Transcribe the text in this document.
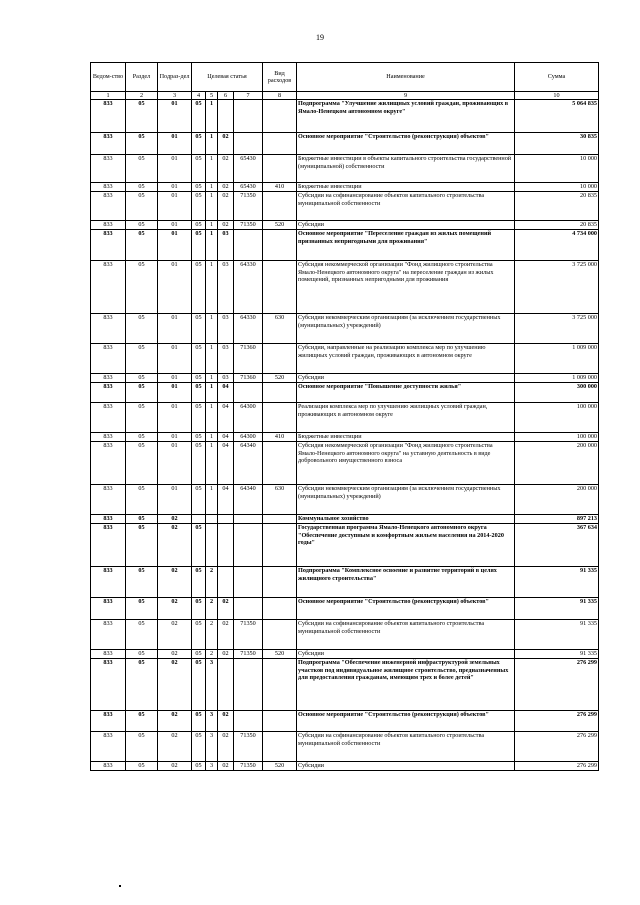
19
Ведом-ство	Раздел	Подраз-дел	Целевая статья				Вид расходов	Наименование	Сумма
1	2	3	4	5	6	7	8	9	10
833	05	01	05	1				Подпрограмма "Улучшение жилищных условий граждан, проживающих в Ямало-Ненецком автономном округе"	5 064 835
833	05	01	05	1	02			Основное мероприятие "Строительство (реконструкция) объектов"	30 835
833	05	01	05	1	02	65430		Бюджетные инвестиции в объекты капитального строительства государственной (муниципальной) собственности	10 000
833	05	01	05	1	02	65430	410	Бюджетные инвестиции	10 000
833	05	01	05	1	02	71350		Субсидии на софинансирование объектов капитального строительства муниципальной собственности	20 835
833	05	01	05	1	02	71350	520	Субсидии	20 835
833	05	01	05	1	03			Основное мероприятие "Переселение граждан из жилых помещений признанных непригодными для проживания"	4 734 000
833	05	01	05	1	03	64330		Субсидия некоммерческой организации "Фонд жилищного строительства Ямало-Ненецкого автономного округа" на переселение граждан из жилых помещений, признанных непригодными для проживания	3 725 000
833	05	01	05	1	03	64330	630	Субсидии некоммерческим организациям (за исключением государственных (муниципальных) учреждений)	3 725 000
833	05	01	05	1	03	71360		Субсидии, направленные на реализацию комплекса мер по улучшению жилищных условий граждан, проживающих в автономном округе	1 009 000
833	05	01	05	1	03	71360	520	Субсидии	1 009 000
833	05	01	05	1	04			Основное мероприятие "Повышение доступности жилья"	300 000
833	05	01	05	1	04	64300		Реализация комплекса мер по улучшению жилищных условий граждан, проживающих в автономном округе	100 000
833	05	01	05	1	04	64300	410	Бюджетные инвестиции	100 000
833	05	01	05	1	04	64340		Субсидия некоммерческой организации "Фонд жилищного строительства Ямало-Ненецкого автономного округа" на уставную деятельность в виде добровольного имущественного взноса	200 000
833	05	01	05	1	04	64340	630	Субсидии некоммерческим организациям (за исключением государственных (муниципальных) учреждений)	200 000
833	05	02						Коммунальное хозяйство	897 213
833	05	02	05					Государственная программа Ямало-Ненецкого автономного округа "Обеспечение доступным и комфортным жильем населения на 2014-2020 годы"	367 634
833	05	02	05	2				Подпрограмма "Комплексное освоение и развитие территорий в целях жилищного строительства"	91 335
833	05	02	05	2	02			Основное мероприятие "Строительство (реконструкция) объектов"	91 335
833	05	02	05	2	02	71350		Субсидии на софинансирование объектов капитального строительства муниципальной собственности	91 335
833	05	02	05	2	02	71350	520	Субсидии	91 335
833	05	02	05	3				Подпрограмма "Обеспечение инженерной инфраструктурой земельных участков под индивидуальное жилищное строительство, предназначенных для предоставления гражданам, имеющим трех и более детей"	276 299
833	05	02	05	3	02			Основное мероприятие "Строительство (реконструкция) объектов"	276 299
833	05	02	05	3	02	71350		Субсидии на софинансирование объектов капитального строительства муниципальной собственности	276 299
833	05	02	05	3	02	71350	520	Субсидии	276 299
